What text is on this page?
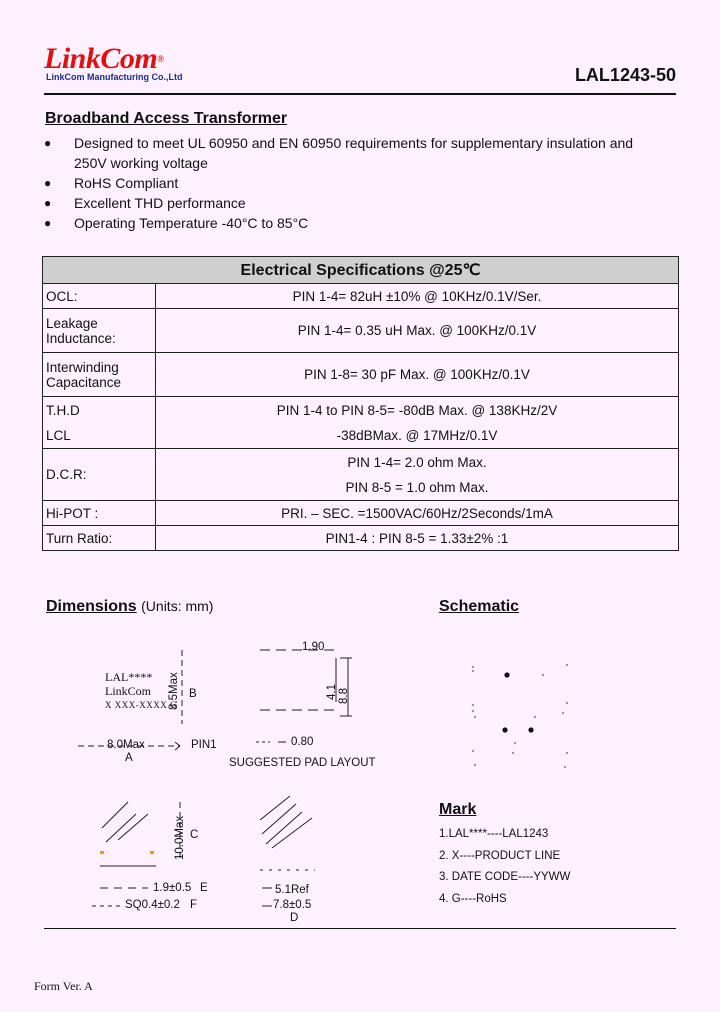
LinkCom®
LinkCom Manufacturing Co.,Ltd	LAL1243-50
Broadband Access Transformer
●	Designed to meet UL 60950 and EN 60950 requirements for supplementary insulation and
250V working voltage
●	RoHS Compliant
●	Excellent THD performance
●	Operating Temperature -40°C to 85°C
Electrical Specifications @25℃	
OCL:	PIN 1-4= 82uH ±10% @ 10KHz/0.1V/Ser.

Leakage
Inductance:	PIN 1-4= 0.35 uH Max. @ 100KHz/0.1V

Interwinding
Capacitance	PIN 1-8= 30 pF Max. @ 100KHz/0.1V
T.H.D	PIN 1-4 to PIN 8-5= -80dB Max. @ 138KHz/2V
LCL	-38dBMax. @ 17MHz/0.1V
D.C.R:	PIN 1-4= 2.0 ohm Max.
PIN 8-5 = 1.0 ohm Max.

Hi-POT :	PRI. – SEC. =1500VAC/60Hz/2Seconds/1mA
Turn Ratio:	PIN1-4 : PIN 8-5 = 1.33±2% :1
Dimensions (Units: mm)
LAL****
LinkCom
X XXX-XXXX G
8.0Max
A
PIN1
8.5Max B
1.90
4.1 8.8
0.80
SUGGESTED PAD LAYOUT
10.0Max C
1.9±0.5 E
SQ0.4±0.2 F
5.1Ref
7.8±0.5
D
Schematic
Mark
1.LAL****----LAL1243
2. X----PRODUCT LINE
3. DATE CODE----YYWW
4. G----RoHS
Form Ver. A
